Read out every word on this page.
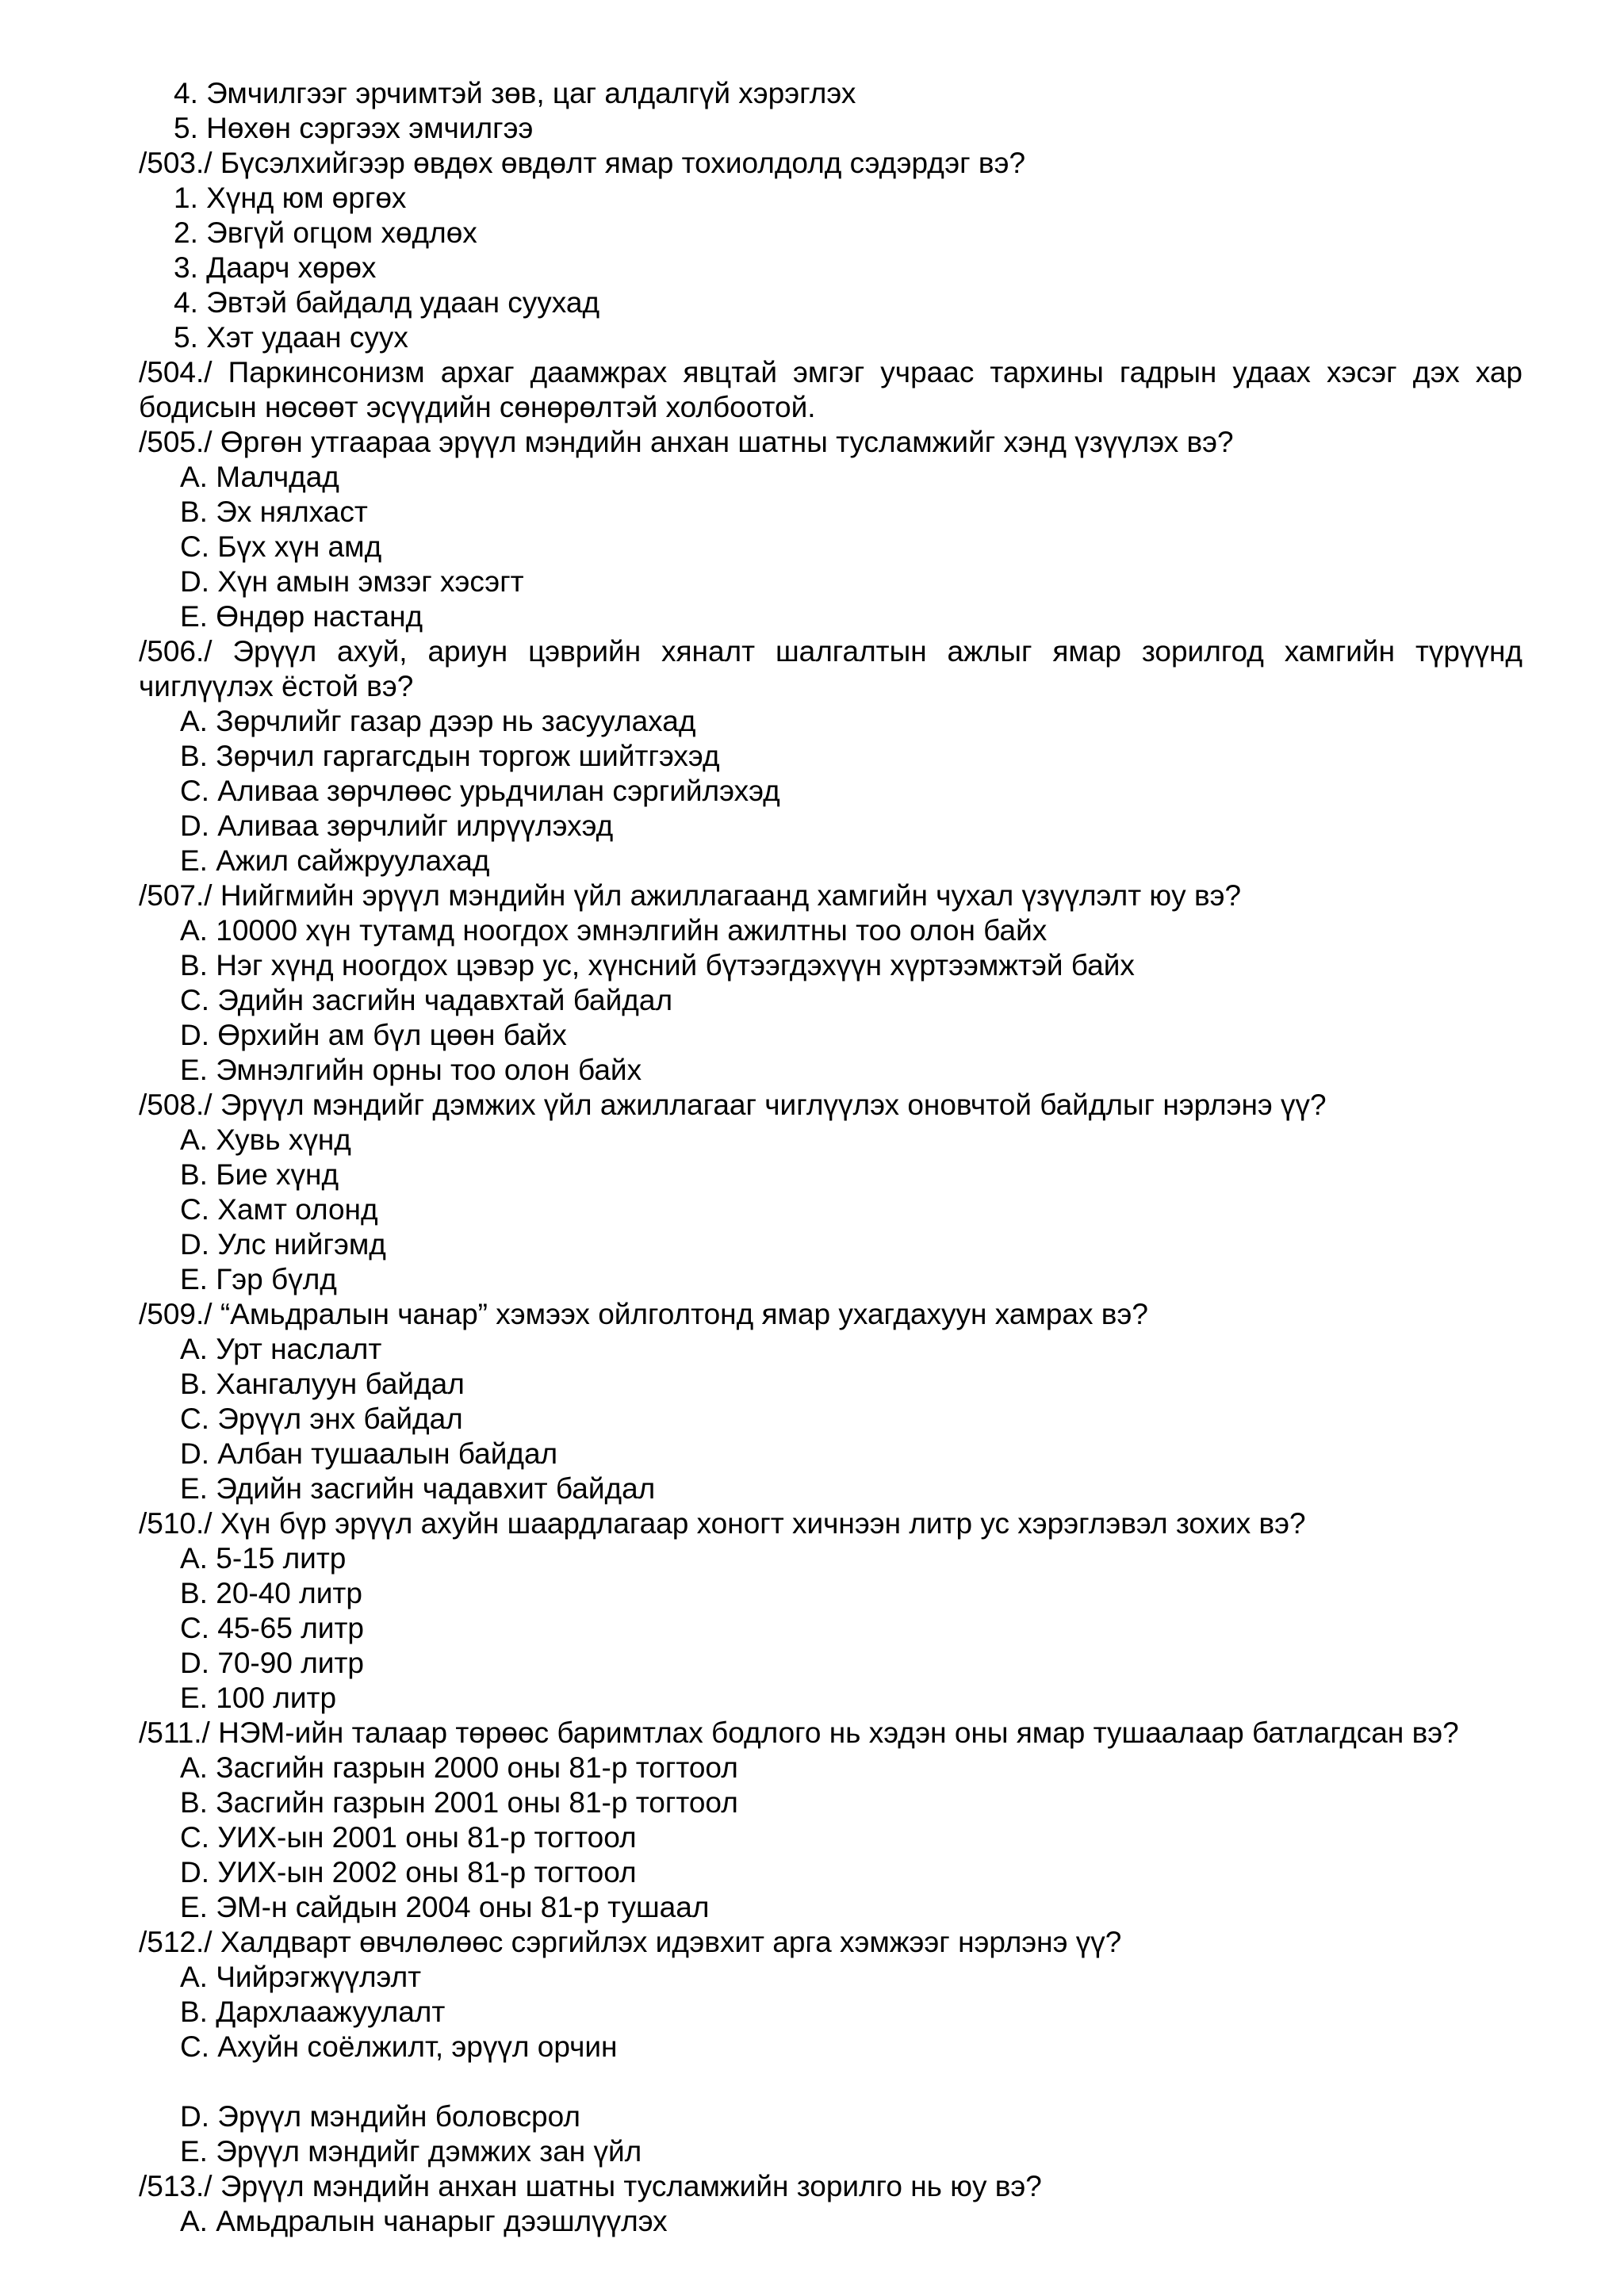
4. Эмчилгээг эрчимтэй зөв, цаг алдалгүй хэрэглэх
5. Нөхөн сэргээх эмчилгээ
/503./ Бүсэлхийгээр өвдөх өвдөлт ямар тохиолдолд сэдэрдэг вэ?
1. Хүнд юм өргөх
2. Эвгүй огцом хөдлөх
3. Даарч хөрөх
4. Эвтэй байдалд удаан суухад
5. Хэт удаан суух
/504./ Паркинсонизм архаг даамжрах явцтай эмгэг учраас тархины гадрын удаах хэсэг дэх хар бодисын нөсөөт эсүүдийн сөнөрөлтэй холбоотой.
/505./ Өргөн утгаараа эрүүл мэндийн анхан шатны тусламжийг хэнд үзүүлэх вэ?
A. Малчдад
B. Эх нялхаст
C. Бүх хүн амд
D. Хүн амын эмзэг хэсэгт
E. Өндөр настанд
/506./ Эрүүл ахуй, ариун цэврийн хяналт шалгалтын ажлыг ямар зорилгод хамгийн түрүүнд чиглүүлэх ёстой вэ?
A. Зөрчлийг газар дээр нь засуулахад
B. Зөрчил гаргагсдын торгож шийтгэхэд
C. Аливаа зөрчлөөс урьдчилан сэргийлэхэд
D. Аливаа зөрчлийг илрүүлэхэд
E. Ажил сайжруулахад
/507./ Нийгмийн эрүүл мэндийн үйл ажиллагаанд хамгийн чухал үзүүлэлт юу вэ?
A. 10000 хүн тутамд ноогдох эмнэлгийн ажилтны тоо олон байх
B. Нэг хүнд ноогдох цэвэр ус, хүнсний бүтээгдэхүүн хүртээмжтэй байх
C. Эдийн засгийн чадавхтай байдал
D. Өрхийн ам бүл цөөн байх
E. Эмнэлгийн орны тоо олон байх
/508./ Эрүүл мэндийг дэмжих үйл ажиллагааг чиглүүлэх оновчтой байдлыг нэрлэнэ үү?
A. Хувь хүнд
B. Бие хүнд
C. Хамт олонд
D. Улс нийгэмд
E. Гэр бүлд
/509./ “Амьдралын чанар” хэмээх ойлголтонд ямар ухагдахуун хамрах вэ?
A. Урт наслалт
B. Хангалуун байдал
C. Эрүүл энх байдал
D. Албан тушаалын байдал
E. Эдийн засгийн чадавхит байдал
/510./ Хүн бүр эрүүл ахуйн шаардлагаар хоногт хичнээн литр ус хэрэглэвэл зохих вэ?
A. 5-15 литр
B. 20-40 литр
C. 45-65 литр
D. 70-90 литр
E. 100 литр
/511./ НЭМ-ийн талаар төрөөс баримтлах бодлого нь хэдэн оны ямар тушаалаар батлагдсан вэ?
A. Засгийн газрын 2000 оны 81-р тогтоол
B. Засгийн газрын 2001 оны 81-р тогтоол
C. УИХ-ын 2001 оны 81-р тогтоол
D. УИХ-ын 2002 оны 81-р тогтоол
E. ЭМ-н сайдын 2004 оны 81-р тушаал
/512./ Халдварт өвчлөлөөс сэргийлэх идэвхит арга хэмжээг нэрлэнэ үү?
A. Чийрэгжүүлэлт
B. Дархлаажуулалт
C. Ахуйн соёлжилт, эрүүл орчин
D. Эрүүл мэндийн боловсрол
E. Эрүүл мэндийг дэмжих зан үйл
/513./ Эрүүл мэндийн анхан шатны тусламжийн зорилго нь юу вэ?
A. Амьдралын чанарыг дээшлүүлэх
